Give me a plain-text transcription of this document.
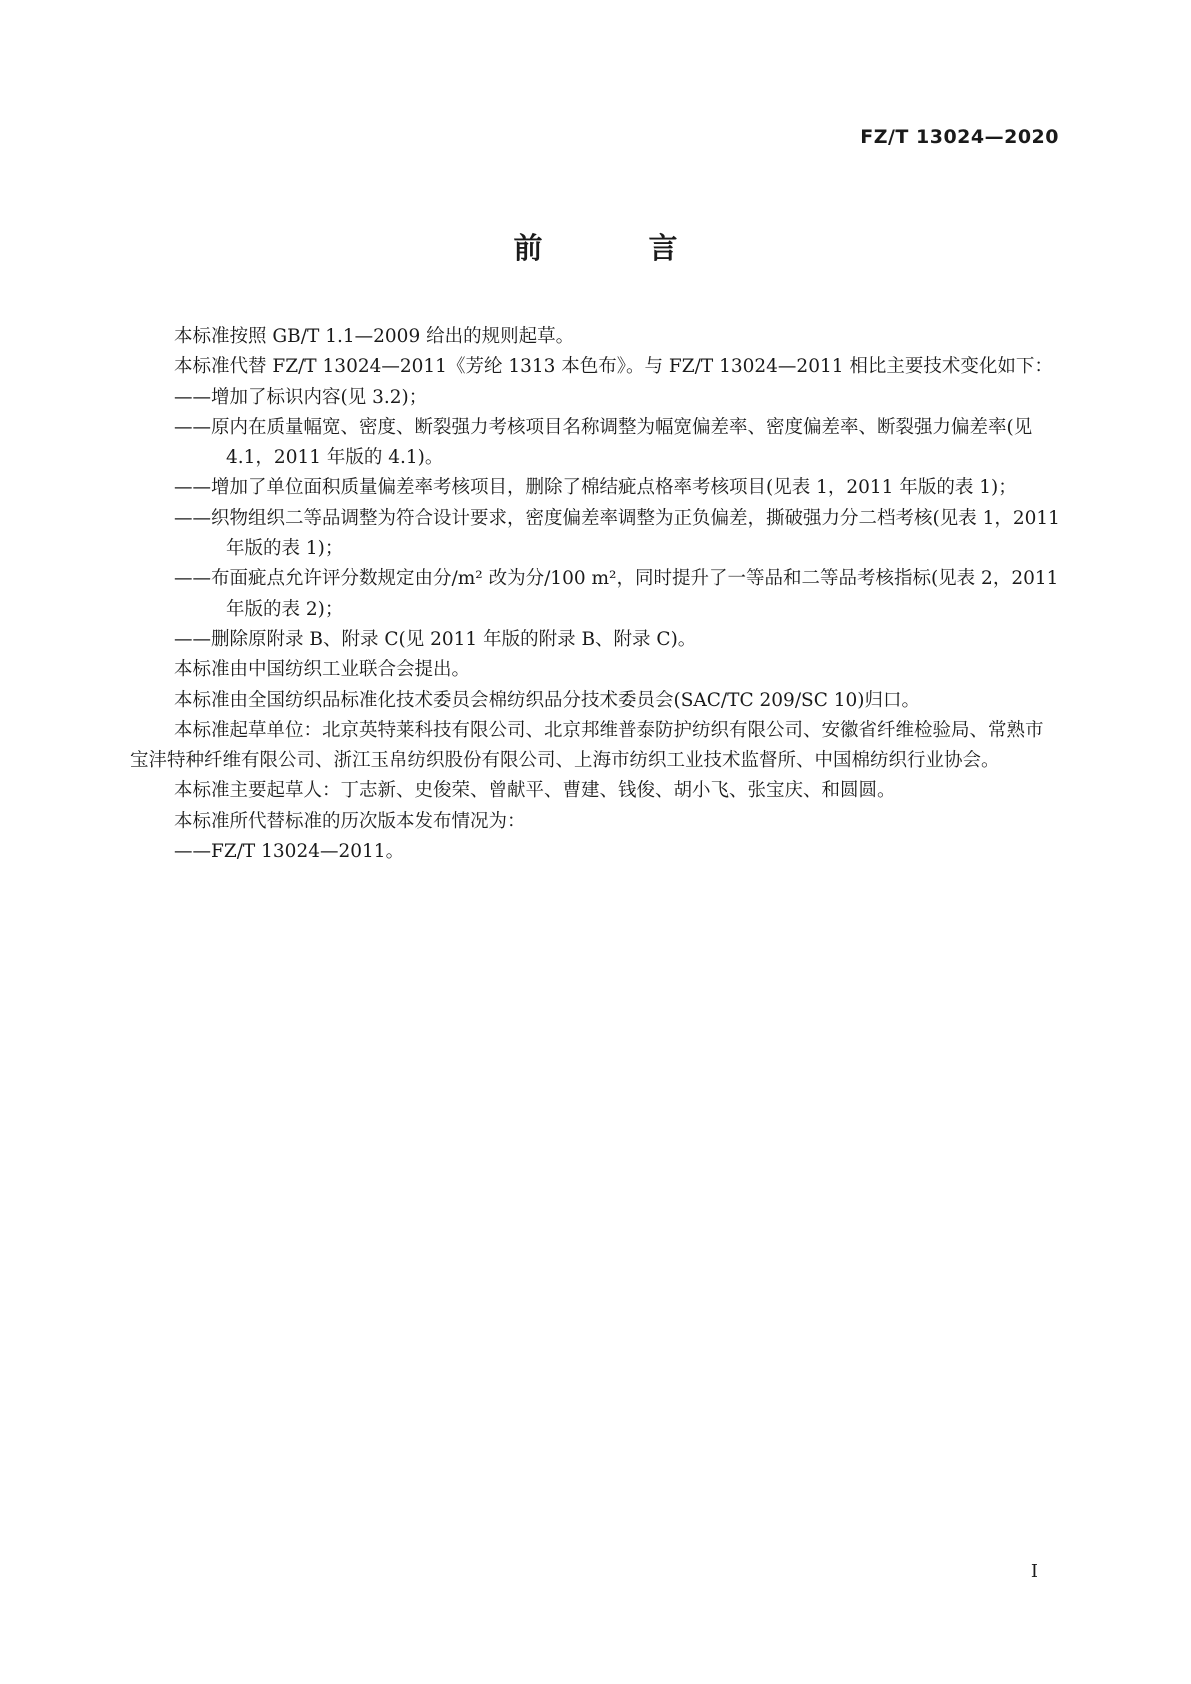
FZ/T 13024—2020
前 言

本标准按照 GB/T 1.1—2009 给出的规则起草。

本标准代替 FZ/T 13024—2011《芳纶 1313 本色布》。与 FZ/T 13024—2011 相比主要技术变化如下：

——增加了标识内容(见 3.2)；

——原内在质量幅宽、密度、断裂强力考核项目名称调整为幅宽偏差率、密度偏差率、断裂强力偏差率(见 4.1，2011 年版的 4.1)。

——增加了单位面积质量偏差率考核项目，删除了棉结疵点格率考核项目(见表 1，2011 年版的表 1)；

——织物组织二等品调整为符合设计要求，密度偏差率调整为正负偏差，撕破强力分二档考核(见表 1，2011 年版的表 1)；

——布面疵点允许评分数规定由分/m² 改为分/100 m²，同时提升了一等品和二等品考核指标(见表 2，2011 年版的表 2)；

——删除原附录 B、附录 C(见 2011 年版的附录 B、附录 C)。

本标准由中国纺织工业联合会提出。

本标准由全国纺织品标准化技术委员会棉纺织品分技术委员会(SAC/TC 209/SC 10)归口。

本标准起草单位：北京英特莱科技有限公司、北京邦维普泰防护纺织有限公司、安徽省纤维检验局、常熟市宝沣特种纤维有限公司、浙江玉帛纺织股份有限公司、上海市纺织工业技术监督所、中国棉纺织行业协会。

本标准主要起草人：丁志新、史俊荣、曾献平、曹建、钱俊、胡小飞、张宝庆、和圆圆。

本标准所代替标准的历次版本发布情况为：

——FZ/T 13024—2011。

I
